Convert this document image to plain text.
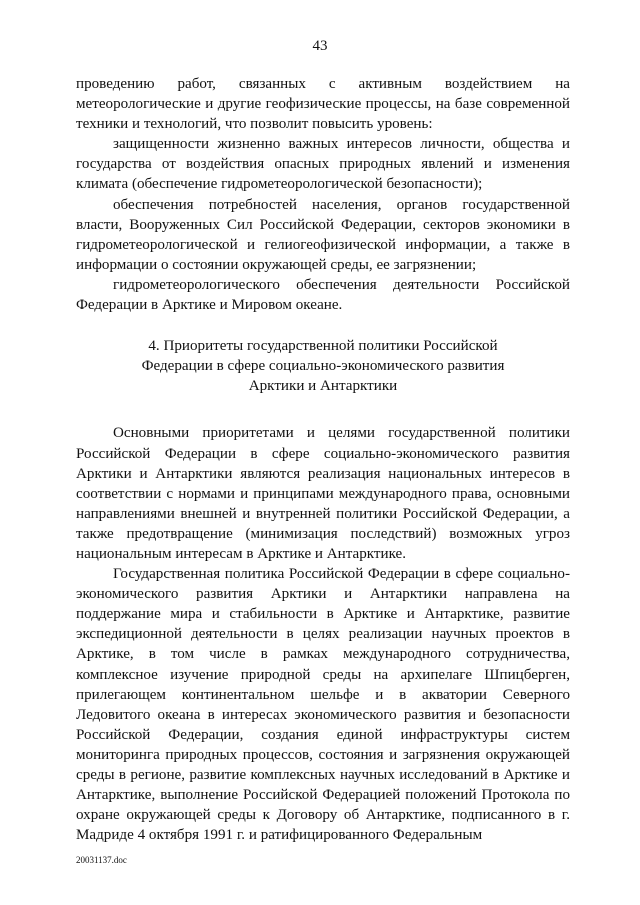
43

проведению работ, связанных с активным воздействием на метеорологические и другие геофизические процессы, на базе современной техники и технологий, что позволит повысить уровень:

защищенности жизненно важных интересов личности, общества и государства от воздействия опасных природных явлений и изменения климата (обеспечение гидрометеорологической безопасности);

обеспечения потребностей населения, органов государственной власти, Вооруженных Сил Российской Федерации, секторов экономики в гидрометеорологической и гелиогеофизической информации, а также в информации о состоянии окружающей среды, ее загрязнении;

гидрометеорологического обеспечения деятельности Российской Федерации в Арктике и Мировом океане.

4. Приоритеты государственной политики Российской
Федерации в сфере социально-экономического развития
Арктики и Антарктики

Основными приоритетами и целями государственной политики Российской Федерации в сфере социально-экономического развития Арктики и Антарктики являются реализация национальных интересов в соответствии с нормами и принципами международного права, основными направлениями внешней и внутренней политики Российской Федерации, а также предотвращение (минимизация последствий) возможных угроз национальным интересам в Арктике и Антарктике.

Государственная политика Российской Федерации в сфере социально-экономического развития Арктики и Антарктики направлена на поддержание мира и стабильности в Арктике и Антарктике, развитие экспедиционной деятельности в целях реализации научных проектов в Арктике, в том числе в рамках международного сотрудничества, комплексное изучение природной среды на архипелаге Шпицберген, прилегающем континентальном шельфе и в акватории Северного Ледовитого океана в интересах экономического развития и безопасности Российской Федерации, создания единой инфраструктуры систем мониторинга природных процессов, состояния и загрязнения окружающей среды в регионе, развитие комплексных научных исследований в Арктике и Антарктике, выполнение Российской Федерацией положений Протокола по охране окружающей среды к Договору об Антарктике, подписанного в г. Мадриде 4 октября 1991 г. и ратифицированного Федеральным

20031137.doc
